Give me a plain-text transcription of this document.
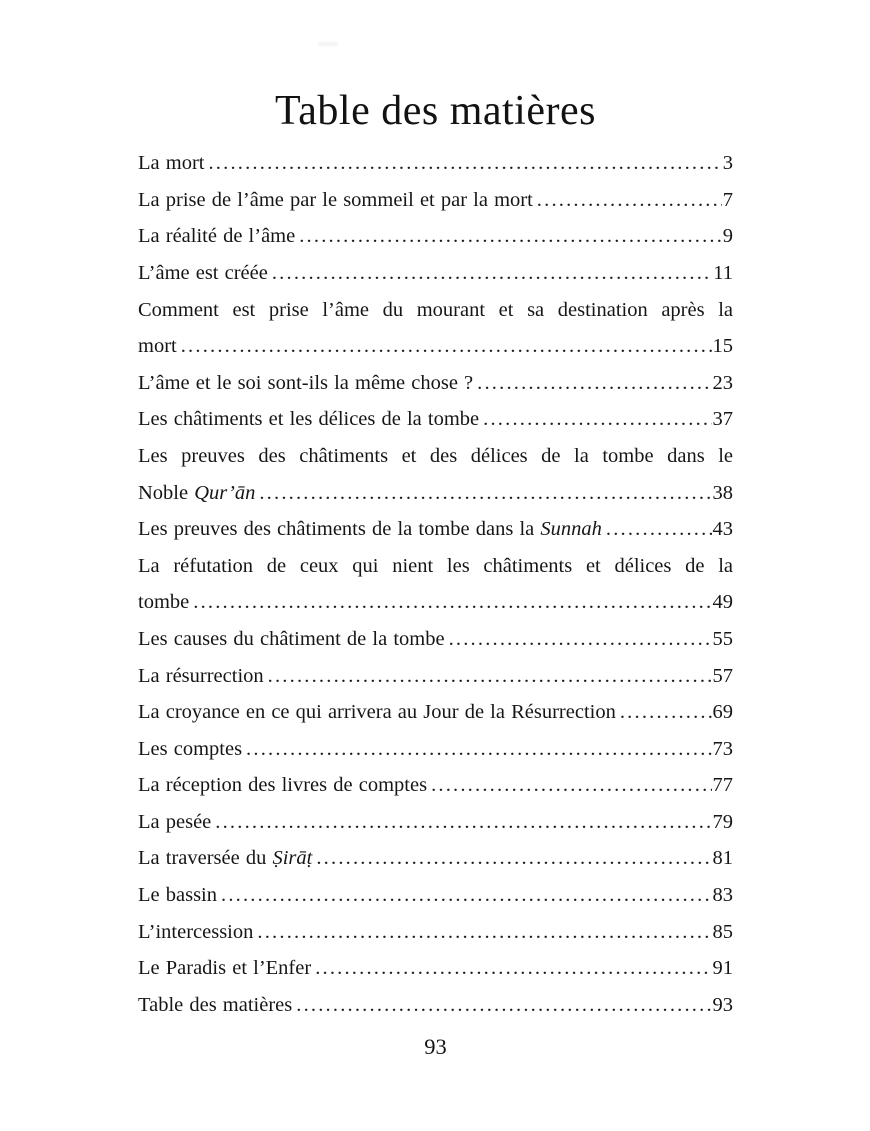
Table des matières
La mort .....	3
La prise de l’âme par le sommeil et par la mort .....	7
La réalité de l’âme .....	9
L’âme est créée .....	11
Comment est prise l’âme du mourant et sa destination après la
mort .....	15
L’âme et le soi sont-ils la même chose ? .....	23
Les châtiments et les délices de la tombe .....	37
Les preuves des châtiments et des délices de la tombe dans le
Noble Qur’ān .....	38
Les preuves des châtiments de la tombe dans la Sunnah .....	43
La réfutation de ceux qui nient les châtiments et délices de la
tombe .....	49
Les causes du châtiment de la tombe .....	55
La résurrection .....	57
La croyance en ce qui arrivera au Jour de la Résurrection .....	69
Les comptes .....	73
La réception des livres de comptes .....	77
La pesée .....	79
La traversée du Ṣirāṭ .....	81
Le bassin .....	83
L’intercession .....	85
Le Paradis et l’Enfer .....	91
Table des matières .....	93
93
